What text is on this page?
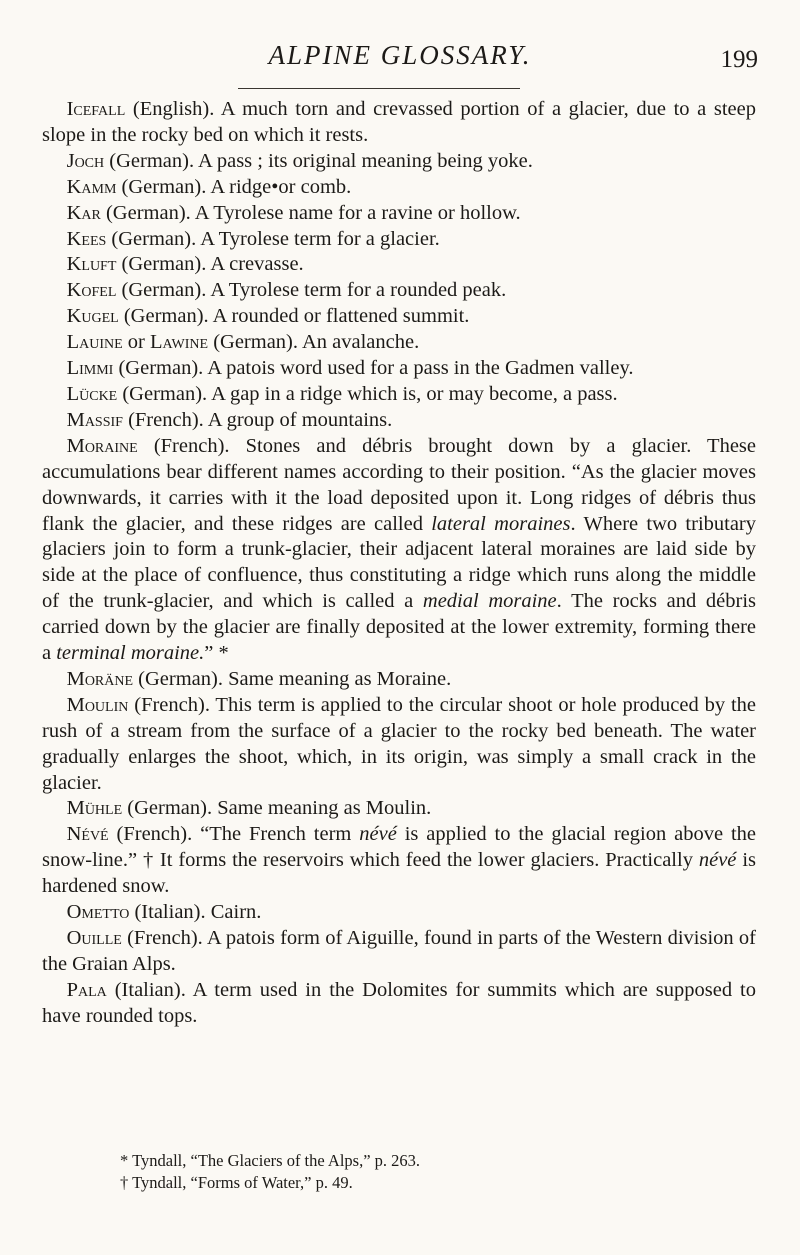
ALPINE GLOSSARY.	199

Icefall (English). A much torn and crevassed portion of a glacier, due to a steep slope in the rocky bed on which it rests.

Joch (German). A pass ; its original meaning being yoke.

Kamm (German). A ridge•or comb.

Kar (German). A Tyrolese name for a ravine or hollow.

Kees (German). A Tyrolese term for a glacier.

Kluft (German). A crevasse.

Kofel (German). A Tyrolese term for a rounded peak.

Kugel (German). A rounded or flattened summit.

Lauine or Lawine (German). An avalanche.

Limmi (German). A patois word used for a pass in the Gadmen valley.

Lücke (German). A gap in a ridge which is, or may become, a pass.

Massif (French). A group of mountains.

Moraine (French). Stones and débris brought down by a glacier. These accumulations bear different names according to their position. “As the glacier moves downwards, it carries with it the load deposited upon it. Long ridges of débris thus flank the glacier, and these ridges are called lateral moraines. Where two tributary glaciers join to form a trunk-glacier, their adjacent lateral moraines are laid side by side at the place of confluence, thus constituting a ridge which runs along the middle of the trunk-glacier, and which is called a medial moraine. The rocks and débris carried down by the glacier are finally deposited at the lower extremity, forming there a terminal moraine.” *

Moräne (German). Same meaning as Moraine.

Moulin (French). This term is applied to the circular shoot or hole produced by the rush of a stream from the surface of a glacier to the rocky bed beneath. The water gradually enlarges the shoot, which, in its origin, was simply a small crack in the glacier.

Mühle (German). Same meaning as Moulin.

Névé (French). “The French term névé is applied to the glacial region above the snow-line.” † It forms the reservoirs which feed the lower glaciers. Practically névé is hardened snow.

Ometto (Italian). Cairn.

Ouille (French). A patois form of Aiguille, found in parts of the Western division of the Graian Alps.

Pala (Italian). A term used in the Dolomites for summits which are supposed to have rounded tops.

* Tyndall, “The Glaciers of the Alps,” p. 263.

† Tyndall, “Forms of Water,” p. 49.
